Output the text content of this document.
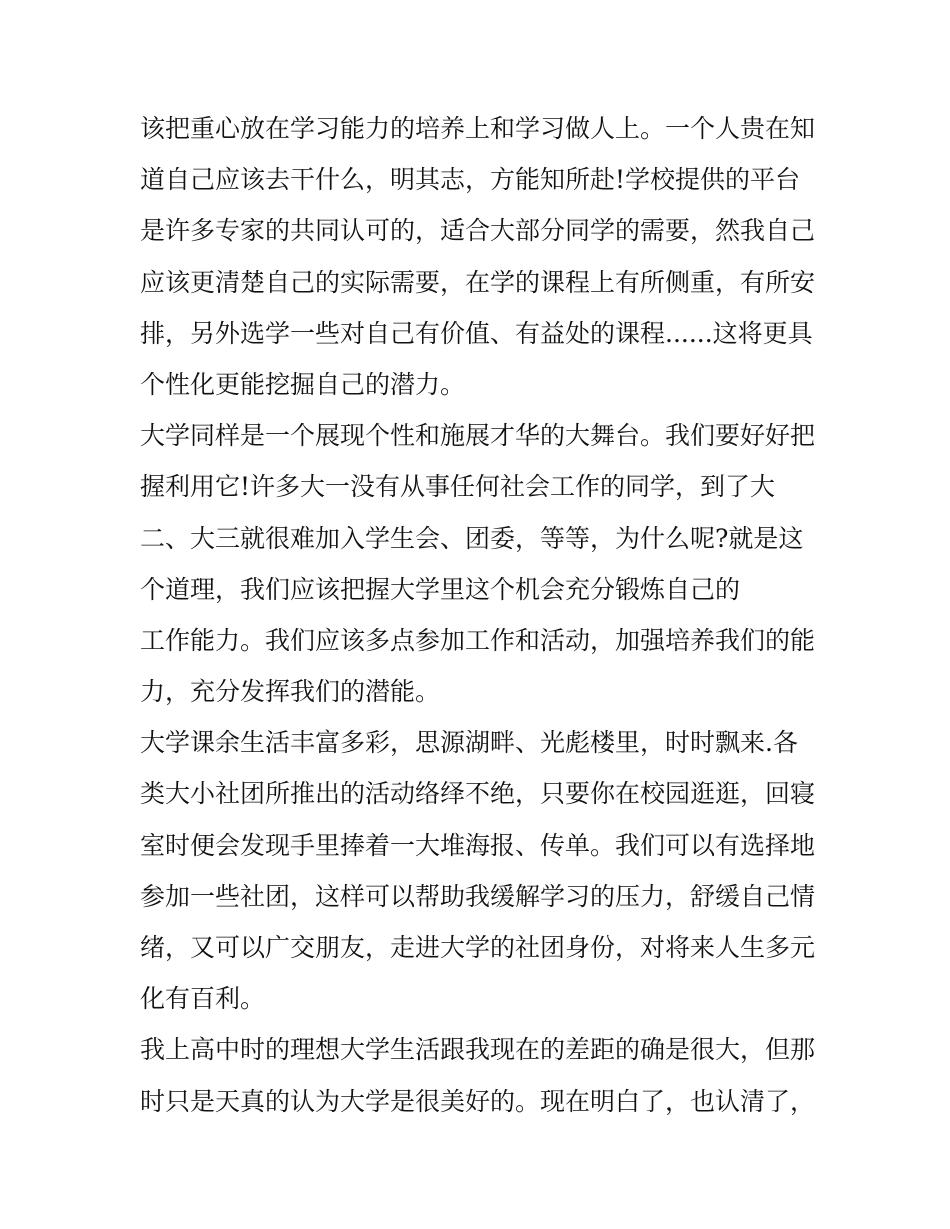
该把重心放在学习能力的培养上和学习做人上。一个人贵在知
道自己应该去干什么，明其志，方能知所赴!学校提供的平台
是许多专家的共同认可的，适合大部分同学的需要，然我自己
应该更清楚自己的实际需要，在学的课程上有所侧重，有所安
排，另外选学一些对自己有价值、有益处的课程......这将更具
个性化更能挖掘自己的潜力。
大学同样是一个展现个性和施展才华的大舞台。我们要好好把
握利用它!许多大一没有从事任何社会工作的同学，到了大
二、大三就很难加入学生会、团委，等等，为什么呢?就是这
个道理，我们应该把握大学里这个机会充分锻炼自己的
工作能力。我们应该多点参加工作和活动，加强培养我们的能
力，充分发挥我们的潜能。
大学课余生活丰富多彩，思源湖畔、光彪楼里，时时飘来.各
类大小社团所推出的活动络绎不绝，只要你在校园逛逛，回寝
室时便会发现手里捧着一大堆海报、传单。我们可以有选择地
参加一些社团，这样可以帮助我缓解学习的压力，舒缓自己情
绪，又可以广交朋友，走进大学的社团身份，对将来人生多元
化有百利。
我上高中时的理想大学生活跟我现在的差距的确是很大，但那
时只是天真的认为大学是很美好的。现在明白了，也认清了，
